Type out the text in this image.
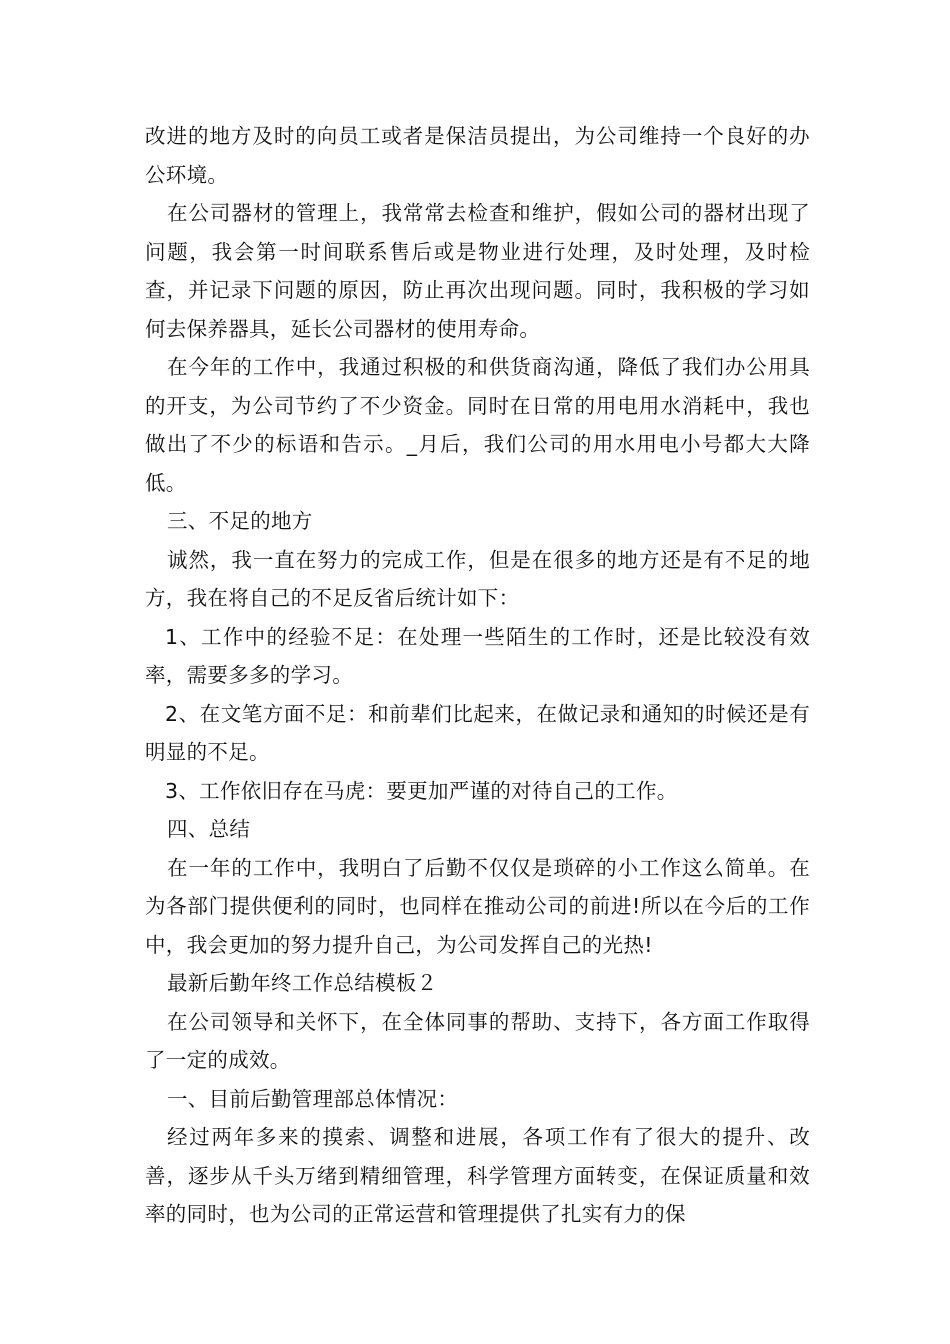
改进的地方及时的向员工或者是保洁员提出，为公司维持一个良好的办公环境。

在公司器材的管理上，我常常去检查和维护，假如公司的器材出现了问题，我会第一时间联系售后或是物业进行处理，及时处理，及时检查，并记录下问题的原因，防止再次出现问题。同时，我积极的学习如何去保养器具，延长公司器材的使用寿命。

在今年的工作中，我通过积极的和供货商沟通，降低了我们办公用具的开支，为公司节约了不少资金。同时在日常的用电用水消耗中，我也做出了不少的标语和告示。_月后，我们公司的用水用电小号都大大降低。

三、不足的地方

诚然，我一直在努力的完成工作，但是在很多的地方还是有不足的地方，我在将自己的不足反省后统计如下：

1、工作中的经验不足：在处理一些陌生的工作时，还是比较没有效率，需要多多的学习。

2、在文笔方面不足：和前辈们比起来，在做记录和通知的时候还是有明显的不足。

3、工作依旧存在马虎：要更加严谨的对待自己的工作。

四、总结

在一年的工作中，我明白了后勤不仅仅是琐碎的小工作这么简单。在为各部门提供便利的同时，也同样在推动公司的前进!所以在今后的工作中，我会更加的努力提升自己，为公司发挥自己的光热!

最新后勤年终工作总结模板２

在公司领导和关怀下，在全体同事的帮助、支持下，各方面工作取得了一定的成效。

一、目前后勤管理部总体情况：

经过两年多来的摸索、调整和进展，各项工作有了很大的提升、改善，逐步从千头万绪到精细管理，科学管理方面转变，在保证质量和效率的同时，也为公司的正常运营和管理提供了扎实有力的保
